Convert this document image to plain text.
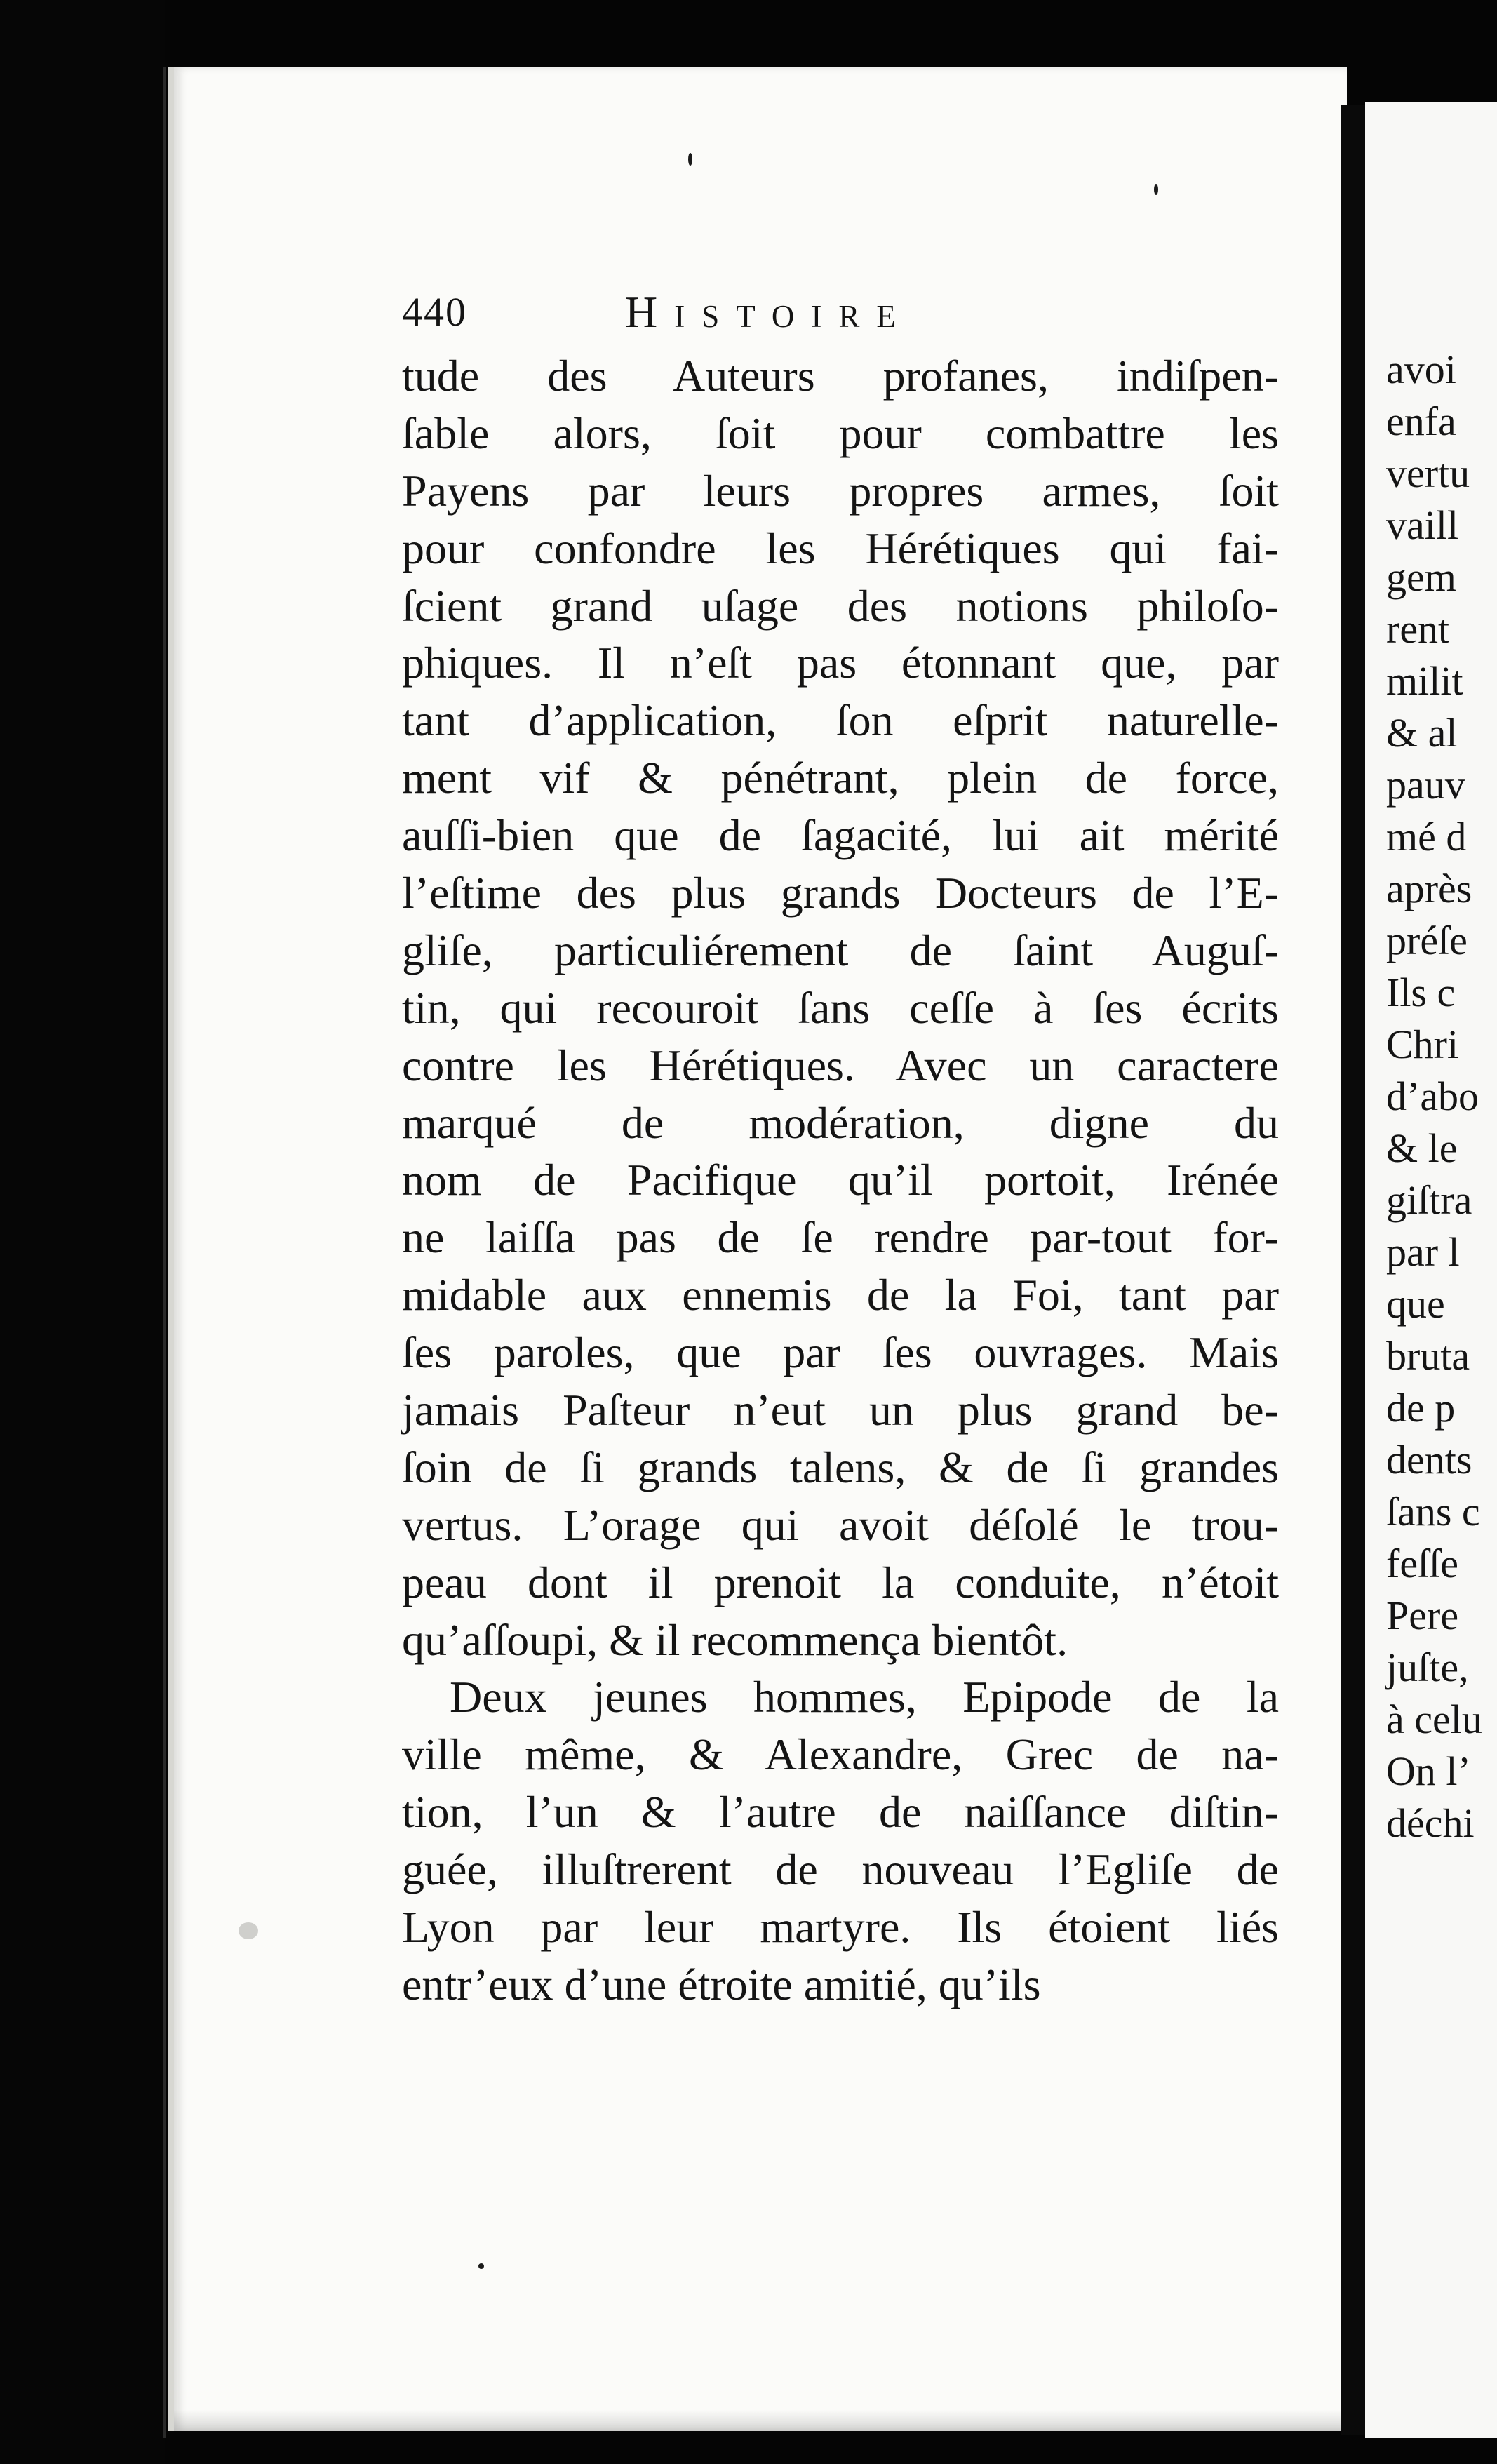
avoi
enfa
vertu
vaill
gem
rent
milit
& al
pauv
mé d
après
préſe
Ils c
Chri
d’abo
& le
giſtra
par l
que
bruta
de p
dents
ſans c
feſſe
Pere
juſte,
à celu
On l’
déchi
440	Histoire
tude des Auteurs profanes, indiſpen-
ſable alors, ſoit pour combattre les
Payens par leurs propres armes, ſoit
pour confondre les Hérétiques qui fai-
ſcient grand uſage des notions philoſo-
phiques. Il n’eſt pas étonnant que, par
tant d’application, ſon eſprit naturelle-
ment vif & pénétrant, plein de force,
auſſi-bien que de ſagacité, lui ait mérité
l’eſtime des plus grands Docteurs de l’E-
gliſe, particuliérement de ſaint Auguſ-
tin, qui recouroit ſans ceſſe à ſes écrits
contre les Hérétiques. Avec un caractere
marqué de modération, digne du
nom de Pacifique qu’il portoit, Irénée
ne laiſſa pas de ſe rendre par-tout for-
midable aux ennemis de la Foi, tant par
ſes paroles, que par ſes ouvrages. Mais
jamais Paſteur n’eut un plus grand be-
ſoin de ſi grands talens, & de ſi grandes
vertus. L’orage qui avoit déſolé le trou-
peau dont il prenoit la conduite, n’étoit
qu’aſſoupi, & il recommença bientôt.
Deux jeunes hommes, Epipode de la
ville même, & Alexandre, Grec de na-
tion, l’un & l’autre de naiſſance diſtin-
guée, illuſtrerent de nouveau l’Egliſe de
Lyon par leur martyre. Ils étoient liés
entr’eux d’une étroite amitié, qu’ils
